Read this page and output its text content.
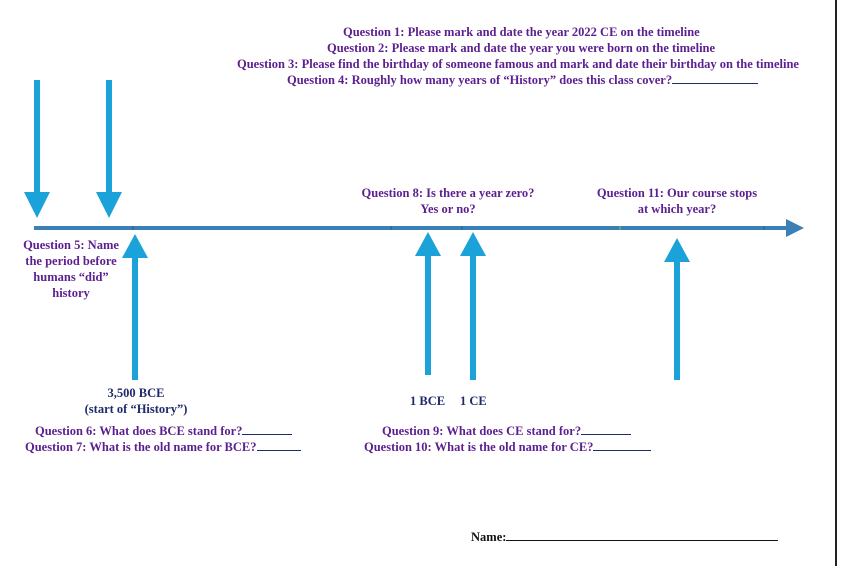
Question 1: Please mark and date the year 2022 CE on the timeline
Question 2: Please mark and date the year you were born on the timeline
Question 3: Please find the birthday of someone famous and mark and date their birthday on the timeline
Question 4: Roughly how many years of “History” does this class cover?
Question 8: Is there a year zero?
Yes or no?
Question 11: Our course stops
at which year?
Question 5: Name
the period before
humans “did”
history
3,500 BCE
(start of “History”)
1 BCE 1 CE
Question 6: What does BCE stand for?
Question 7: What is the old name for BCE?
Question 9: What does CE stand for?
Question 10: What is the old name for CE?
Name:
